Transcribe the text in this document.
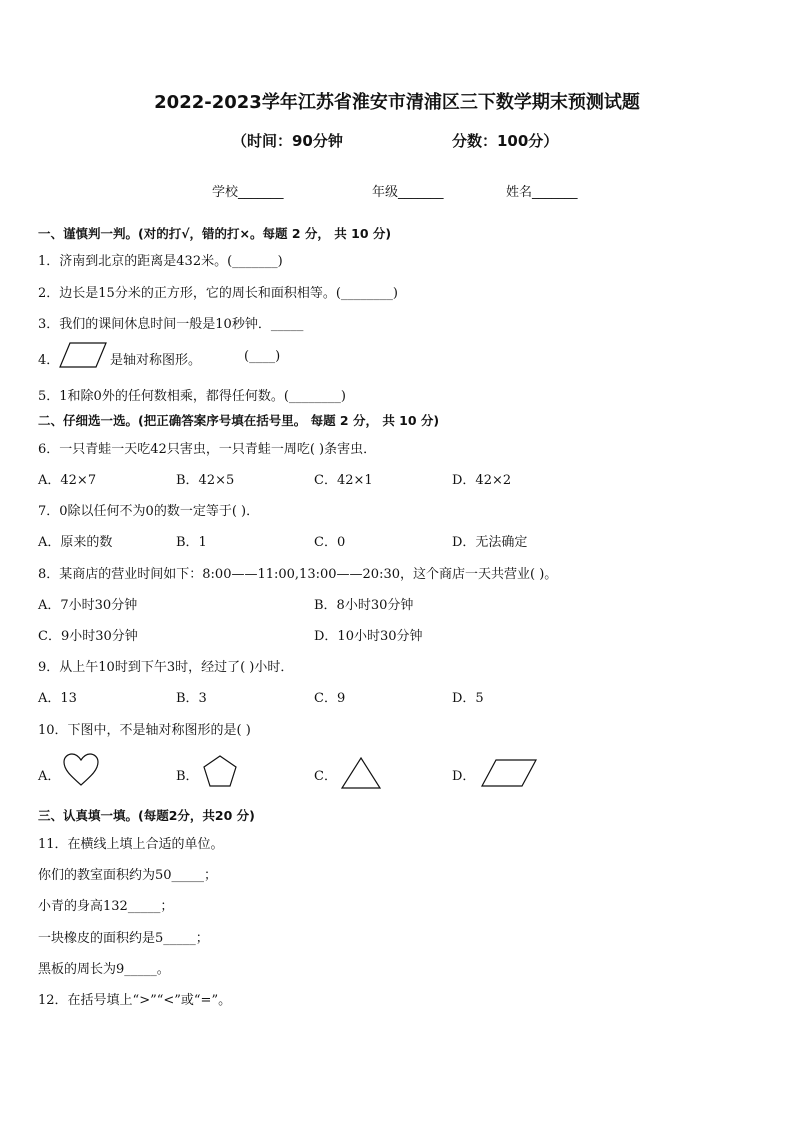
2022-2023学年江苏省淮安市清浦区三下数学期末预测试题
（时间：90分钟	分数：100分）
学校_______	年级_______	姓名_______
一、谨慎判一判。(对的打√，错的打×。每题 2 分， 共 10 分)
1．济南到北京的距离是432米。(_______)
2．边长是15分米的正方形，它的周长和面积相等。(________)
3．我们的课间休息时间一般是10秒钟．_____
4．	是轴对称图形。	(____)
5．1和除0外的任何数相乘，都得任何数。(________)
二、仔细选一选。(把正确答案序号填在括号里。 每题 2 分， 共 10 分)
6．一只青蛙一天吃42只害虫，一只青蛙一周吃( )条害虫．
A．42×7	B．42×5	C．42×1	D．42×2
7．0除以任何不为0的数一定等于( )．
A．原来的数	B．1	C．0	D．无法确定
8．某商店的营业时间如下：8:00——11:00,13:00——20:30，这个商店一天共营业( )。
A．7小时30分钟	B．8小时30分钟
C．9小时30分钟	D．10小时30分钟
9．从上午10时到下午3时，经过了( )小时．
A．13	B．3	C．9	D．5
10．下图中，不是轴对称图形的是( )
A．	B．	C．	D．
三、认真填一填。(每题2分，共20 分)
11．在横线上填上合适的单位。
你们的教室面积约为50_____；
小青的身高132_____；
一块橡皮的面积约是5_____；
黑板的周长为9_____。
12．在括号填上“>”“<”或“=”。
